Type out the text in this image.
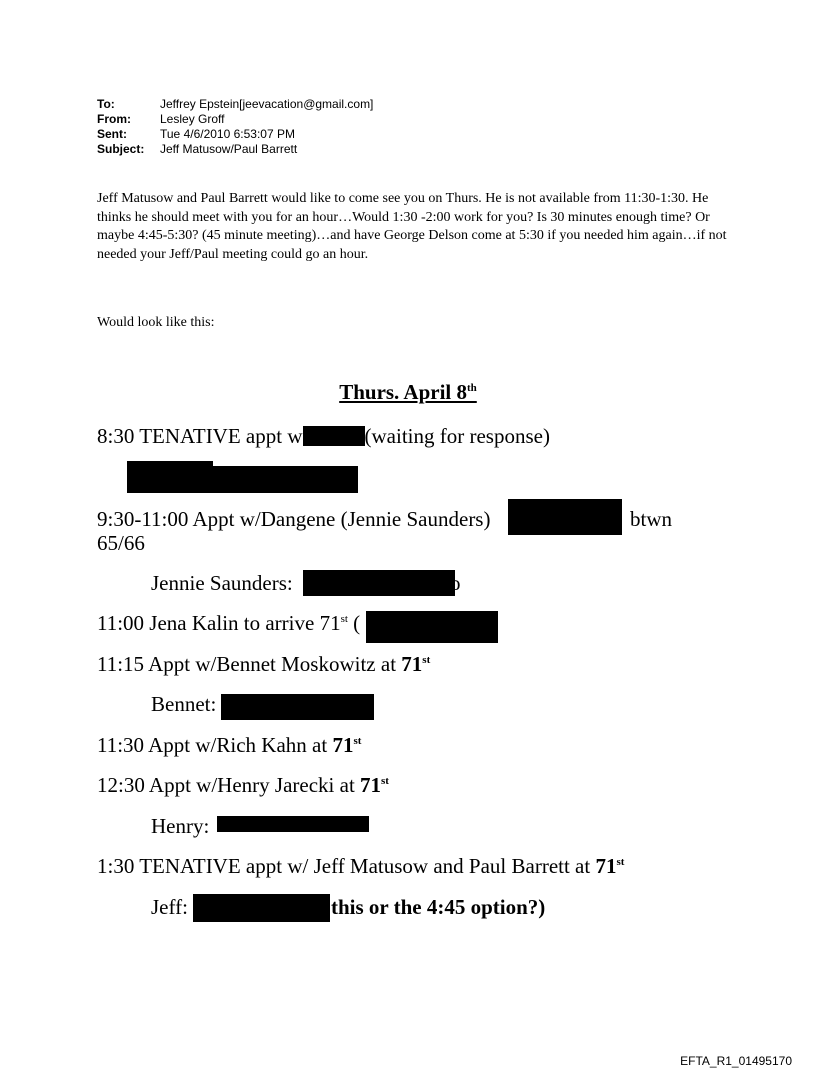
To:	Jeffrey Epstein[jeevacation@gmail.com]
From:	Lesley Groff
Sent:	Tue 4/6/2010 6:53:07 PM
Subject:	Jeff Matusow/Paul Barrett

Jeff Matusow and Paul Barrett would like to come see you on Thurs. He is not available from 11:30-1:30. He thinks he should meet with you for an hour…Would 1:30 -2:00 work for you? Is 30 minutes enough time? Or maybe 4:45-5:30? (45 minute meeting)…and have George Delson come at 5:30 if you needed him again…if not needed your Jeff/Paul meeting could go an hour.

Would look like this:

Thurs. April 8th
8:30 TENATIVE appt w	(waiting for response)
9:30-11:00 Appt w/Dangene (Jennie Saunders)	btwn
65/66
Jennie Saunders:	o
11:00 Jena Kalin to arrive 71st (
11:15 Appt w/Bennet Moskowitz at 71st
Bennet:
11:30 Appt w/Rich Kahn at 71st
12:30 Appt w/Henry Jarecki at 71st
Henry:
1:30 TENATIVE appt w/ Jeff Matusow and Paul Barrett at 71st
Jeff:	this or the 4:45 option?)
EFTA_R1_01495170
